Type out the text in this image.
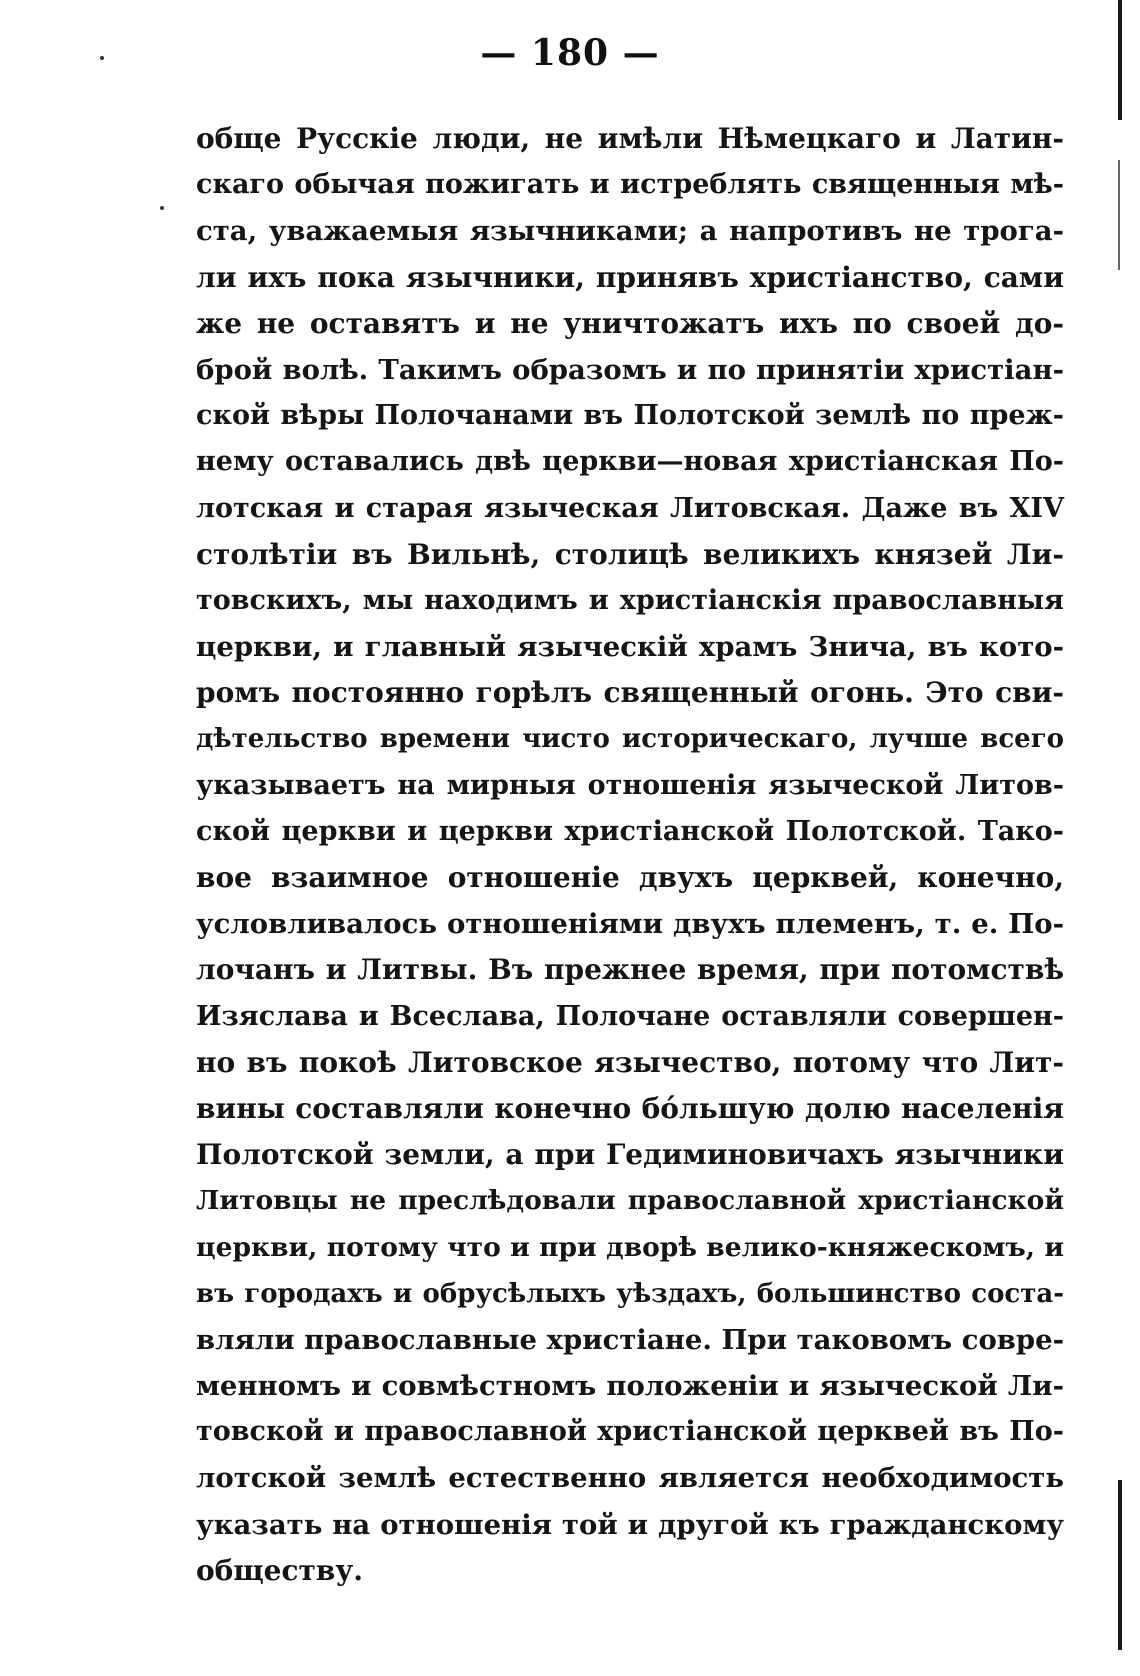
— 180 —
обще Русскіе люди, не имѣли Нѣмецкаго и Латин-
скаго обычая пожигать и истреблять священныя мѣ-
ста, уважаемыя язычниками; а напротивъ не трога-
ли ихъ пока язычники, принявъ христіанство, сами
же не оставятъ и не уничтожатъ ихъ по своей до-
брой волѣ. Такимъ образомъ и по принятіи христіан-
ской вѣры Полочанами въ Полотской землѣ по преж-
нему оставались двѣ церкви—новая христіанская По-
лотская и старая языческая Литовская. Даже въ XIV
столѣтіи въ Вильнѣ, столицѣ великихъ князей Ли-
товскихъ, мы находимъ и христіанскія православныя
церкви, и главный языческій храмъ Знича, въ кото-
ромъ постоянно горѣлъ священный огонь. Это сви-
дѣтельство времени чисто историческаго, лучше всего
указываетъ на мирныя отношенія языческой Литов-
ской церкви и церкви христіанской Полотской. Тако-
вое взаимное отношеніе двухъ церквей, конечно,
условливалось отношеніями двухъ племенъ, т. е. По-
лочанъ и Литвы. Въ прежнее время, при потомствѣ
Изяслава и Всеслава, Полочане оставляли совершен-
но въ покоѣ Литовское язычество, потому что Лит-
вины составляли конечно бо́льшую долю населенія
Полотской земли, а при Гедиминовичахъ язычники
Литовцы не преслѣдовали православной христіанской
церкви, потому что и при дворѣ велико-княжескомъ, и
въ городахъ и обрусѣлыхъ уѣздахъ, большинство соста-
вляли православные христіане. При таковомъ совре-
менномъ и совмѣстномъ положеніи и языческой Ли-
товской и православной христіанской церквей въ По-
лотской землѣ естественно является необходимость
указать на отношенія той и другой къ гражданскому
обществу.
